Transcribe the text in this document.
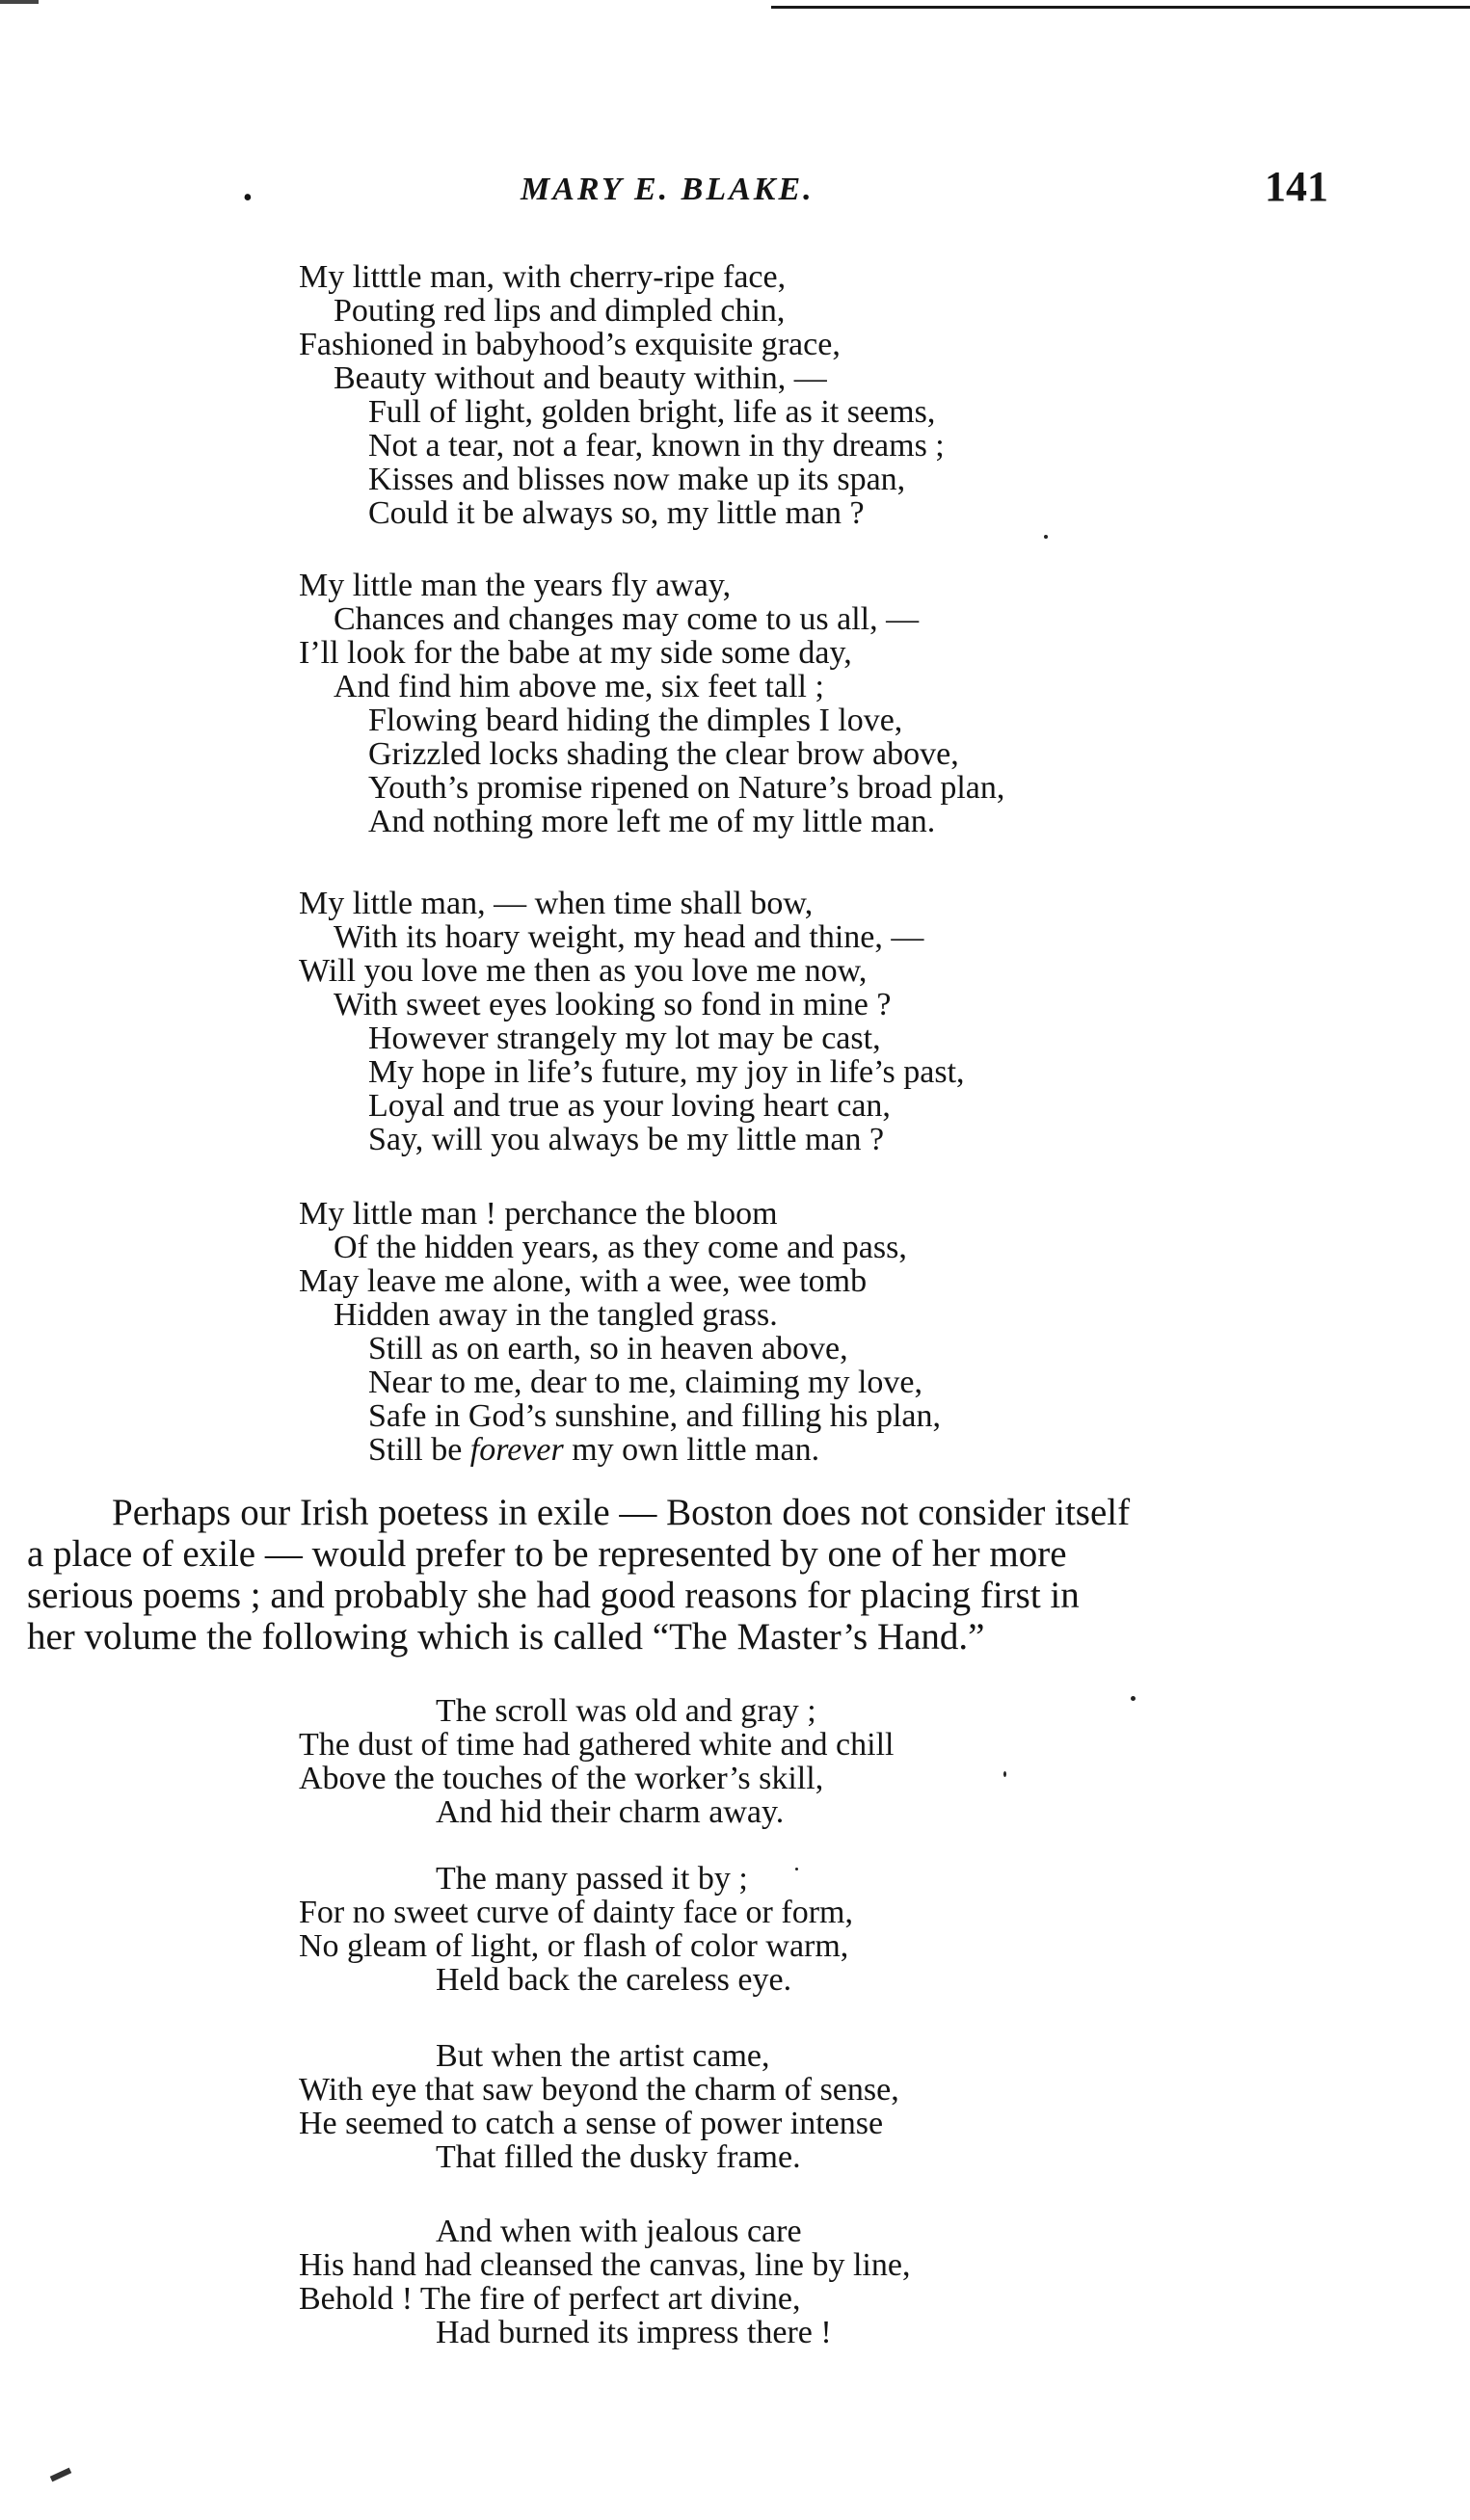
•	MARY E. BLAKE.	141
My litttle man, with cherry-ripe face,
Pouting red lips and dimpled chin,
Fashioned in babyhood’s exquisite grace,
Beauty without and beauty within, —
Full of light, golden bright, life as it seems,
Not a tear, not a fear, known in thy dreams ;
Kisses and blisses now make up its span,
Could it be always so, my little man ?
My little man the years fly away,
Chances and changes may come to us all, —
I’ll look for the babe at my side some day,
And find him above me, six feet tall ;
Flowing beard hiding the dimples I love,
Grizzled locks shading the clear brow above,
Youth’s promise ripened on Nature’s broad plan,
And nothing more left me of my little man.
My little man, — when time shall bow,
With its hoary weight, my head and thine, —
Will you love me then as you love me now,
With sweet eyes looking so fond in mine ?
However strangely my lot may be cast,
My hope in life’s future, my joy in life’s past,
Loyal and true as your loving heart can,
Say, will you always be my little man ?
My little man ! perchance the bloom
Of the hidden years, as they come and pass,
May leave me alone, with a wee, wee tomb
Hidden away in the tangled grass.
Still as on earth, so in heaven above,
Near to me, dear to me, claiming my love,
Safe in God’s sunshine, and filling his plan,
Still be forever my own little man.
Perhaps our Irish poetess in exile — Boston does not consider itself
a place of exile — would prefer to be represented by one of her more
serious poems ; and probably she had good reasons for placing first in
her volume the following which is called “The Master’s Hand.”
The scroll was old and gray ;
The dust of time had gathered white and chill
Above the touches of the worker’s skill,
And hid their charm away.
The many passed it by ;
For no sweet curve of dainty face or form,
No gleam of light, or flash of color warm,
Held back the careless eye.
But when the artist came,
With eye that saw beyond the charm of sense,
He seemed to catch a sense of power intense
That filled the dusky frame.
And when with jealous care
His hand had cleansed the canvas, line by line,
Behold ! The fire of perfect art divine,
Had burned its impress there !
